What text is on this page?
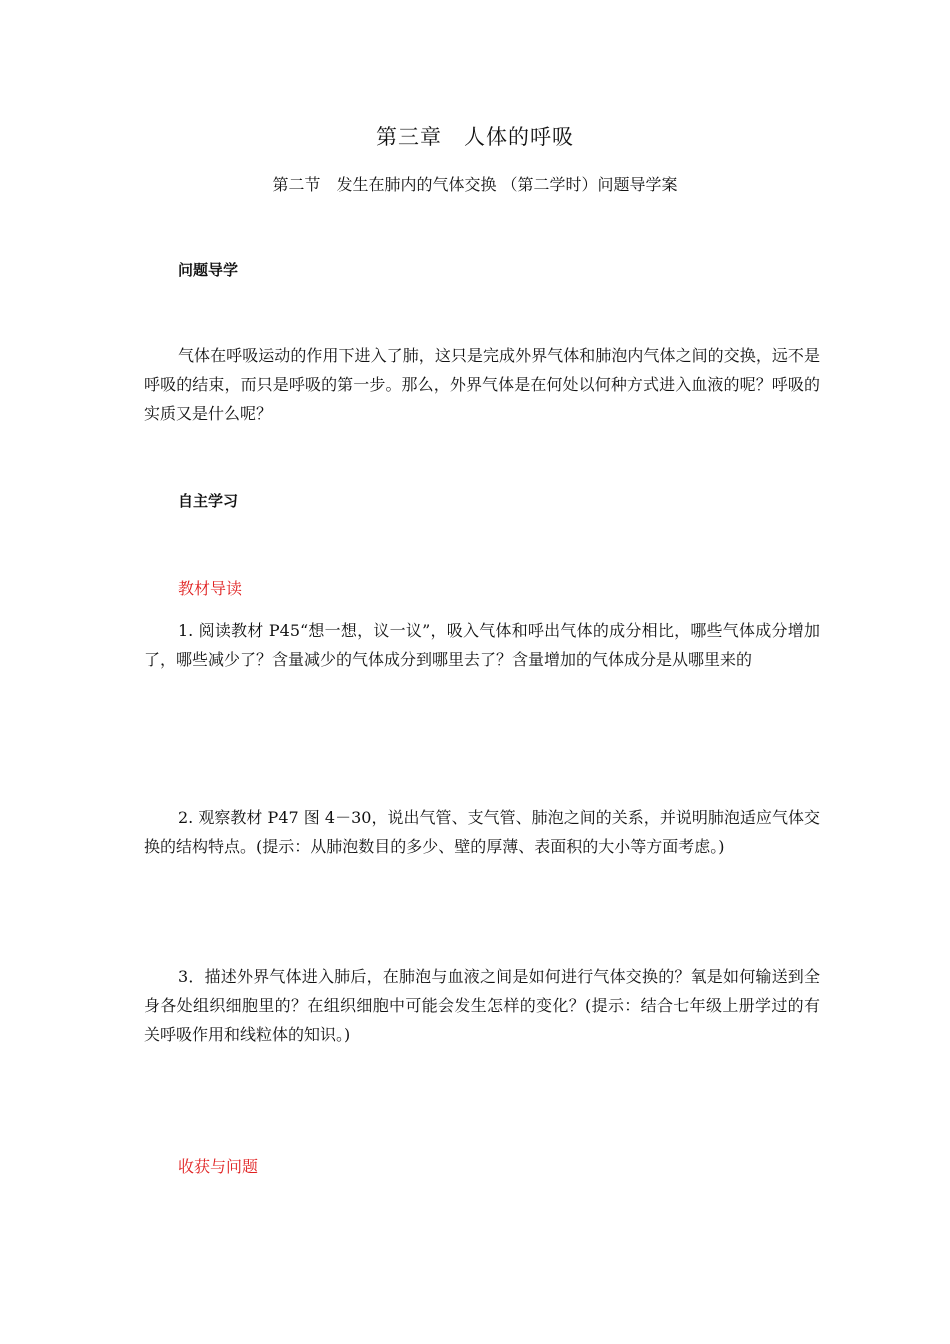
第三章　人体的呼吸
第二节　发生在肺内的气体交换 （第二学时）问题导学案
问题导学

气体在呼吸运动的作用下进入了肺，这只是完成外界气体和肺泡内气体之间的交换，远不是呼吸的结束，而只是呼吸的第一步。那么，外界气体是在何处以何种方式进入血液的呢？呼吸的实质又是什么呢？

自主学习
教材导读

1. 阅读教材 P45“想一想，议一议”，吸入气体和呼出气体的成分相比，哪些气体成分增加了，哪些减少了？含量减少的气体成分到哪里去了？含量增加的气体成分是从哪里来的

2. 观察教材 P47 图 4－30，说出气管、支气管、肺泡之间的关系，并说明肺泡适应气体交换的结构特点。(提示：从肺泡数目的多少、壁的厚薄、表面积的大小等方面考虑。)

3．描述外界气体进入肺后，在肺泡与血液之间是如何进行气体交换的？氧是如何输送到全身各处组织细胞里的？在组织细胞中可能会发生怎样的变化？(提示：结合七年级上册学过的有关呼吸作用和线粒体的知识。)

收获与问题
